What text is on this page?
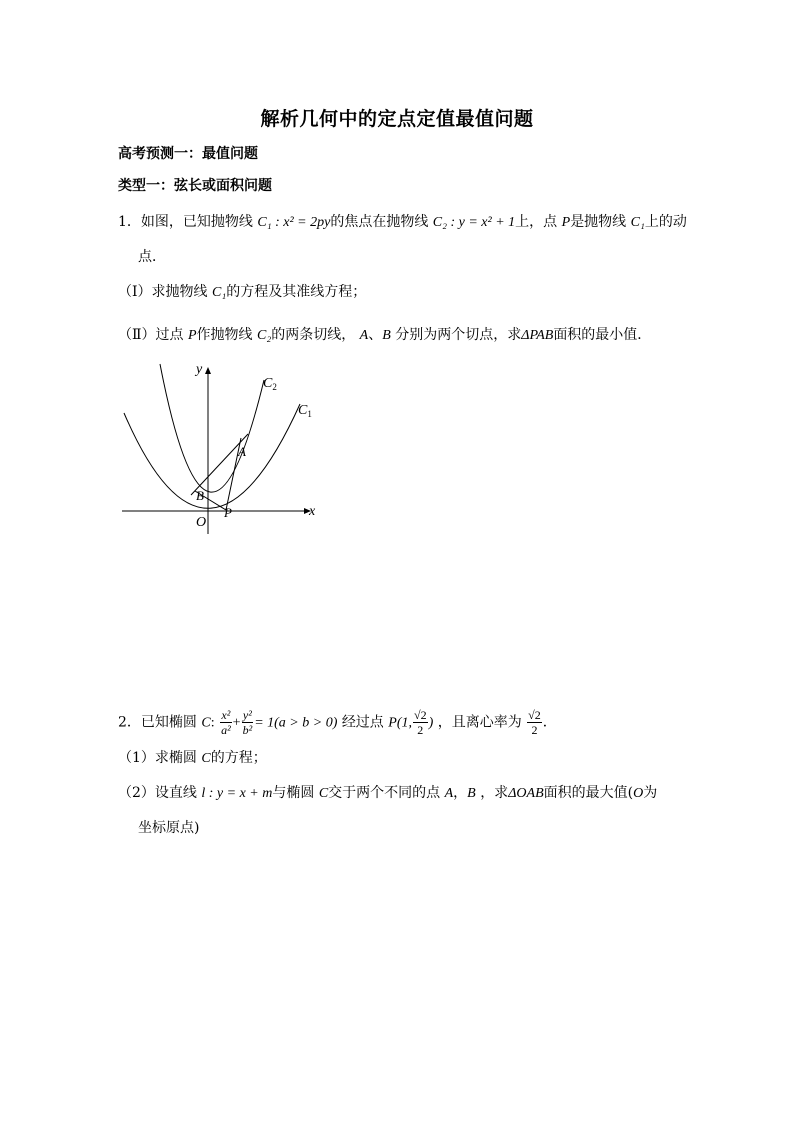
解析几何中的定点定值最值问题
高考预测一：最值问题
类型一：弦长或面积问题
1．如图，已知抛物线 C₁ : x² = 2py的焦点在抛物线 C₂ : y = x² + 1上，点 P是抛物线 C₁上的动
点．
（Ⅰ）求抛物线 C₁的方程及其准线方程；
（Ⅱ）过点 P作抛物线 C₂的两条切线， A、B 分别为两个切点，求ΔPAB面积的最小值．
y
x
O
A
B
P
$C_2$
$C_1$
2．已知椭圆 C: $\frac{\text{x²}}{\text{a²}} + \frac{\text{y²}}{\text{b²}} = 1(a > b > 0)$ 经过点 P(1, $\frac{√2}{2}$ ) ，且离心率为 $\frac{√2}{2}$ ．
（1）求椭圆 C的方程；
（2）设直线 l : y = x + m与椭圆 C交于两个不同的点 A，B ，求ΔOAB面积的最大值(O为
坐标原点)
